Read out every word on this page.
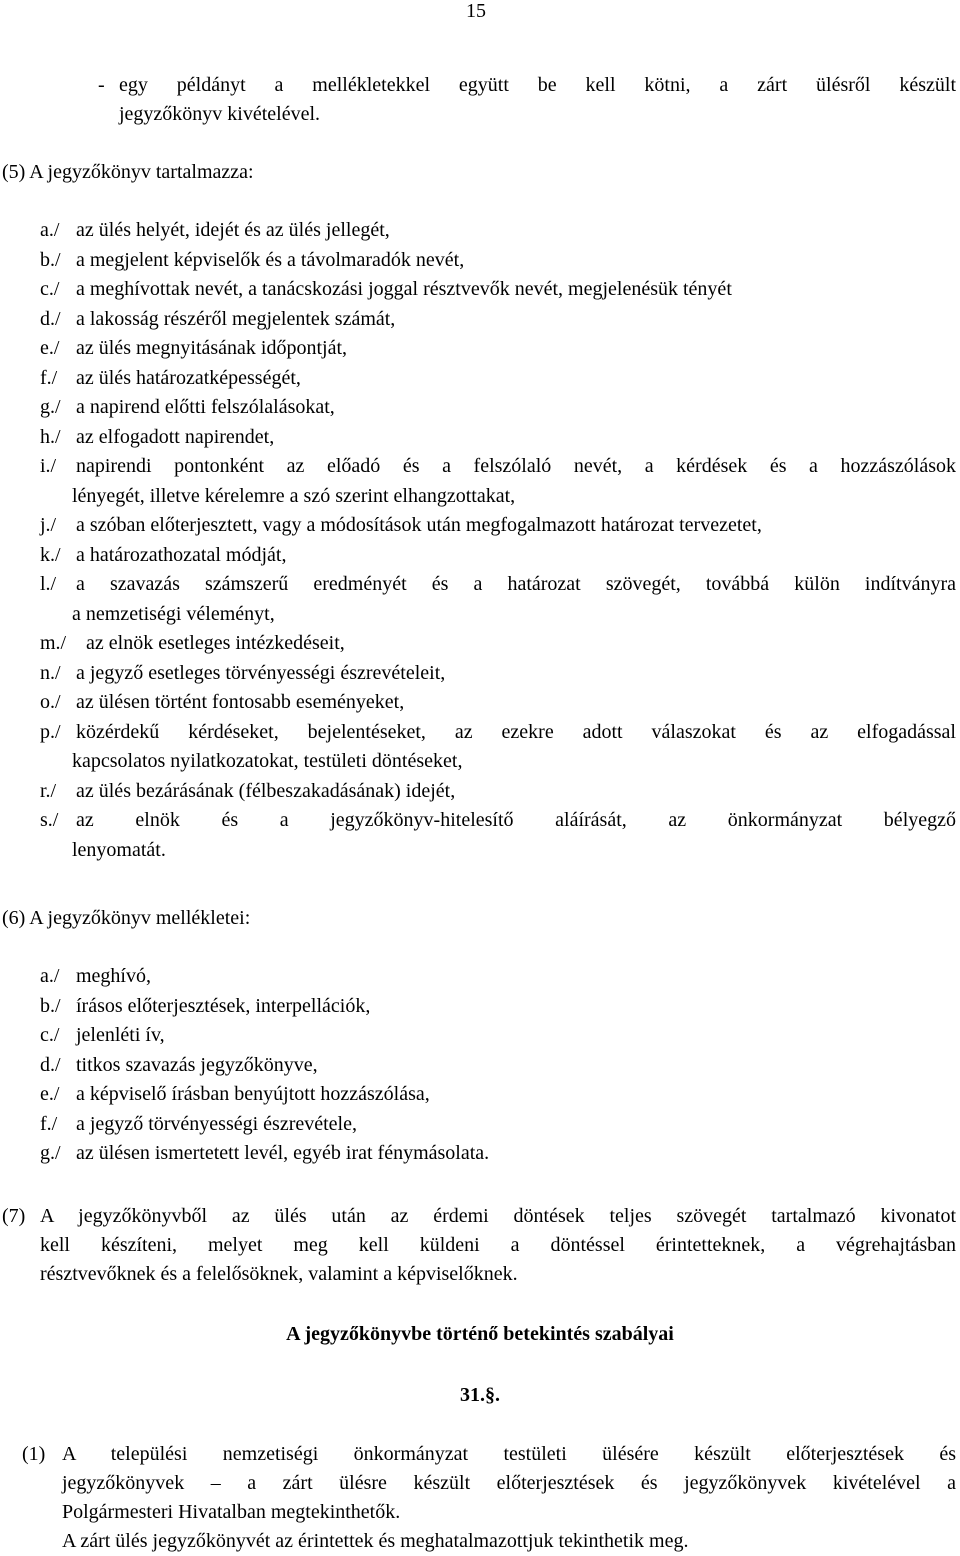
15
- egy példányt a mellékletekkel együtt be kell kötni, a zárt ülésről készült
jegyzőkönyv kivételével.
(5) A jegyzőkönyv tartalmazza:
a./ az ülés helyét, idejét és az ülés jellegét,
b./ a megjelent képviselők és a távolmaradók nevét,
c./ a meghívottak nevét, a tanácskozási joggal résztvevők nevét, megjelenésük tényét
d./ a lakosság részéről megjelentek számát,
e./ az ülés megnyitásának időpontját,
f./ az ülés határozatképességét,
g./ a napirend előtti felszólalásokat,
h./ az elfogadott napirendet,
i./ napirendi pontonként az előadó és a felszólaló nevét, a kérdések és a hozzászólások
lényegét, illetve kérelemre a szó szerint elhangzottakat,
j./ a szóban előterjesztett, vagy a módosítások után megfogalmazott határozat tervezetet,
k./ a határozathozatal módját,
l./ a szavazás számszerű eredményét és a határozat szövegét, továbbá külön indítványra
a nemzetiségi véleményt,
m./ az elnök esetleges intézkedéseit,
n./ a jegyző esetleges törvényességi észrevételeit,
o./ az ülésen történt fontosabb eseményeket,
p./ közérdekű kérdéseket, bejelentéseket, az ezekre adott válaszokat és az elfogadással
kapcsolatos nyilatkozatokat, testületi döntéseket,
r./ az ülés bezárásának (félbeszakadásának) idejét,
s./ az elnök és a jegyzőkönyv-hitelesítő aláírását, az önkormányzat bélyegző
lenyomatát.
(6) A jegyzőkönyv mellékletei:
a./ meghívó,
b./ írásos előterjesztések, interpellációk,
c./ jelenléti ív,
d./ titkos szavazás jegyzőkönyve,
e./ a képviselő írásban benyújtott hozzászólása,
f./ a jegyző törvényességi észrevétele,
g./ az ülésen ismertetett levél, egyéb irat fénymásolata.
(7) A jegyzőkönyvből az ülés után az érdemi döntések teljes szövegét tartalmazó kivonatot
kell készíteni, melyet meg kell küldeni a döntéssel érintetteknek, a végrehajtásban
résztvevőknek és a felelősöknek, valamint a képviselőknek.
A jegyzőkönyvbe történő betekintés szabályai
31.§.
(1) A települési nemzetiségi önkormányzat testületi ülésére készült előterjesztések és
jegyzőkönyvek – a zárt ülésre készült előterjesztések és jegyzőkönyvek kivételével a
Polgármesteri Hivatalban megtekinthetők.
A zárt ülés jegyzőkönyvét az érintettek és meghatalmazottjuk tekinthetik meg.
